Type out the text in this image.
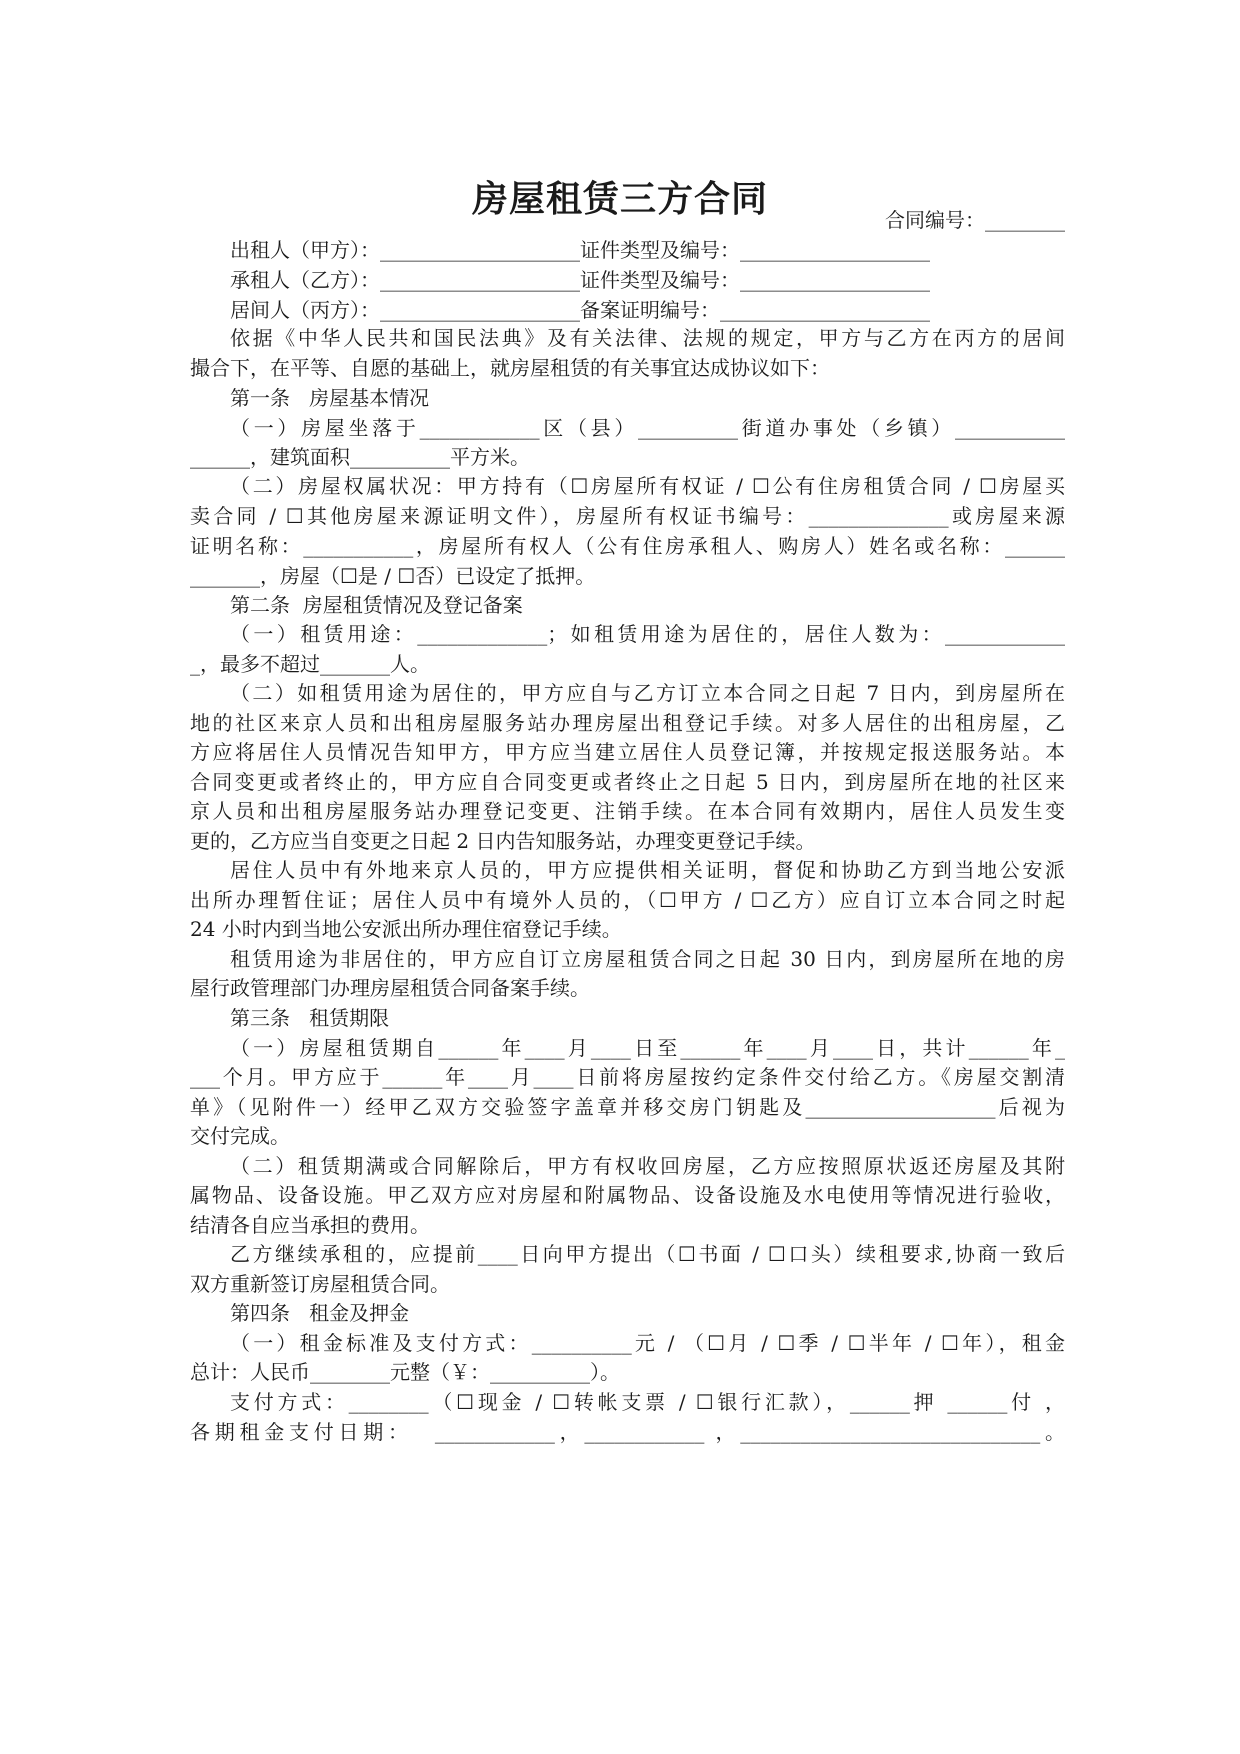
房屋租赁三方合同	合同编号：________
出租人（甲方）：____________________证件类型及编号：___________________
承租人（乙方）：____________________证件类型及编号：___________________
居间人（丙方）：____________________备案证明编号：_____________________
依据《中华人民共和国民法典》及有关法律、法规的规定，甲方与乙方在丙方的居间
撮合下，在平等、自愿的基础上，就房屋租赁的有关事宜达成协议如下：
第一条   房屋基本情况
（一）房屋坐落于____________区（县）__________街道办事处（乡镇）___________
______，建筑面积__________平方米。
（二）房屋权属状况：甲方持有（☐房屋所有权证 / ☐公有住房租赁合同 / ☐房屋买
卖合同 / ☐其他房屋来源证明文件），房屋所有权证书编号：______________或房屋来源
证明名称：___________，房屋所有权人（公有住房承租人、购房人）姓名或名称：______
_______，房屋（☐是 / ☐否）已设定了抵押。
第二条  房屋租赁情况及登记备案
（一）租赁用途：_____________；如租赁用途为居住的，居住人数为：____________
_，最多不超过_______人。
（二）如租赁用途为居住的，甲方应自与乙方订立本合同之日起 7 日内，到房屋所在
地的社区来京人员和出租房屋服务站办理房屋出租登记手续。对多人居住的出租房屋，乙
方应将居住人员情况告知甲方，甲方应当建立居住人员登记簿，并按规定报送服务站。本
合同变更或者终止的，甲方应自合同变更或者终止之日起 5 日内，到房屋所在地的社区来
京人员和出租房屋服务站办理登记变更、注销手续。在本合同有效期内，居住人员发生变
更的，乙方应当自变更之日起 2 日内告知服务站，办理变更登记手续。
居住人员中有外地来京人员的，甲方应提供相关证明，督促和协助乙方到当地公安派
出所办理暂住证；居住人员中有境外人员的，（☐甲方 / ☐乙方）应自订立本合同之时起
24 小时内到当地公安派出所办理住宿登记手续。
租赁用途为非居住的，甲方应自订立房屋租赁合同之日起 30 日内，到房屋所在地的房
屋行政管理部门办理房屋租赁合同备案手续。
第三条   租赁期限
（一）房屋租赁期自______年____月____日至______年____月____日，共计______年_
___个月。甲方应于______年____月____日前将房屋按约定条件交付给乙方。《房屋交割清
单》（见附件一）经甲乙双方交验签字盖章并移交房门钥匙及___________________后视为
交付完成。
（二）租赁期满或合同解除后，甲方有权收回房屋，乙方应按照原状返还房屋及其附
属物品、设备设施。甲乙双方应对房屋和附属物品、设备设施及水电使用等情况进行验收，
结清各自应当承担的费用。
乙方继续承租的，应提前____日向甲方提出（☐书面 / ☐口头）续租要求,协商一致后
双方重新签订房屋租赁合同。
第四条   租金及押金
（一）租金标准及支付方式：__________元 / （☐月 / ☐季 / ☐半年 / ☐年），租金
总计：人民币________元整（￥：__________）。
支付方式：________（☐现金 / ☐转帐支票 / ☐银行汇款），______押 ______付 ，
各期租金支付日期：  ____________，____________ ，______________________________。
